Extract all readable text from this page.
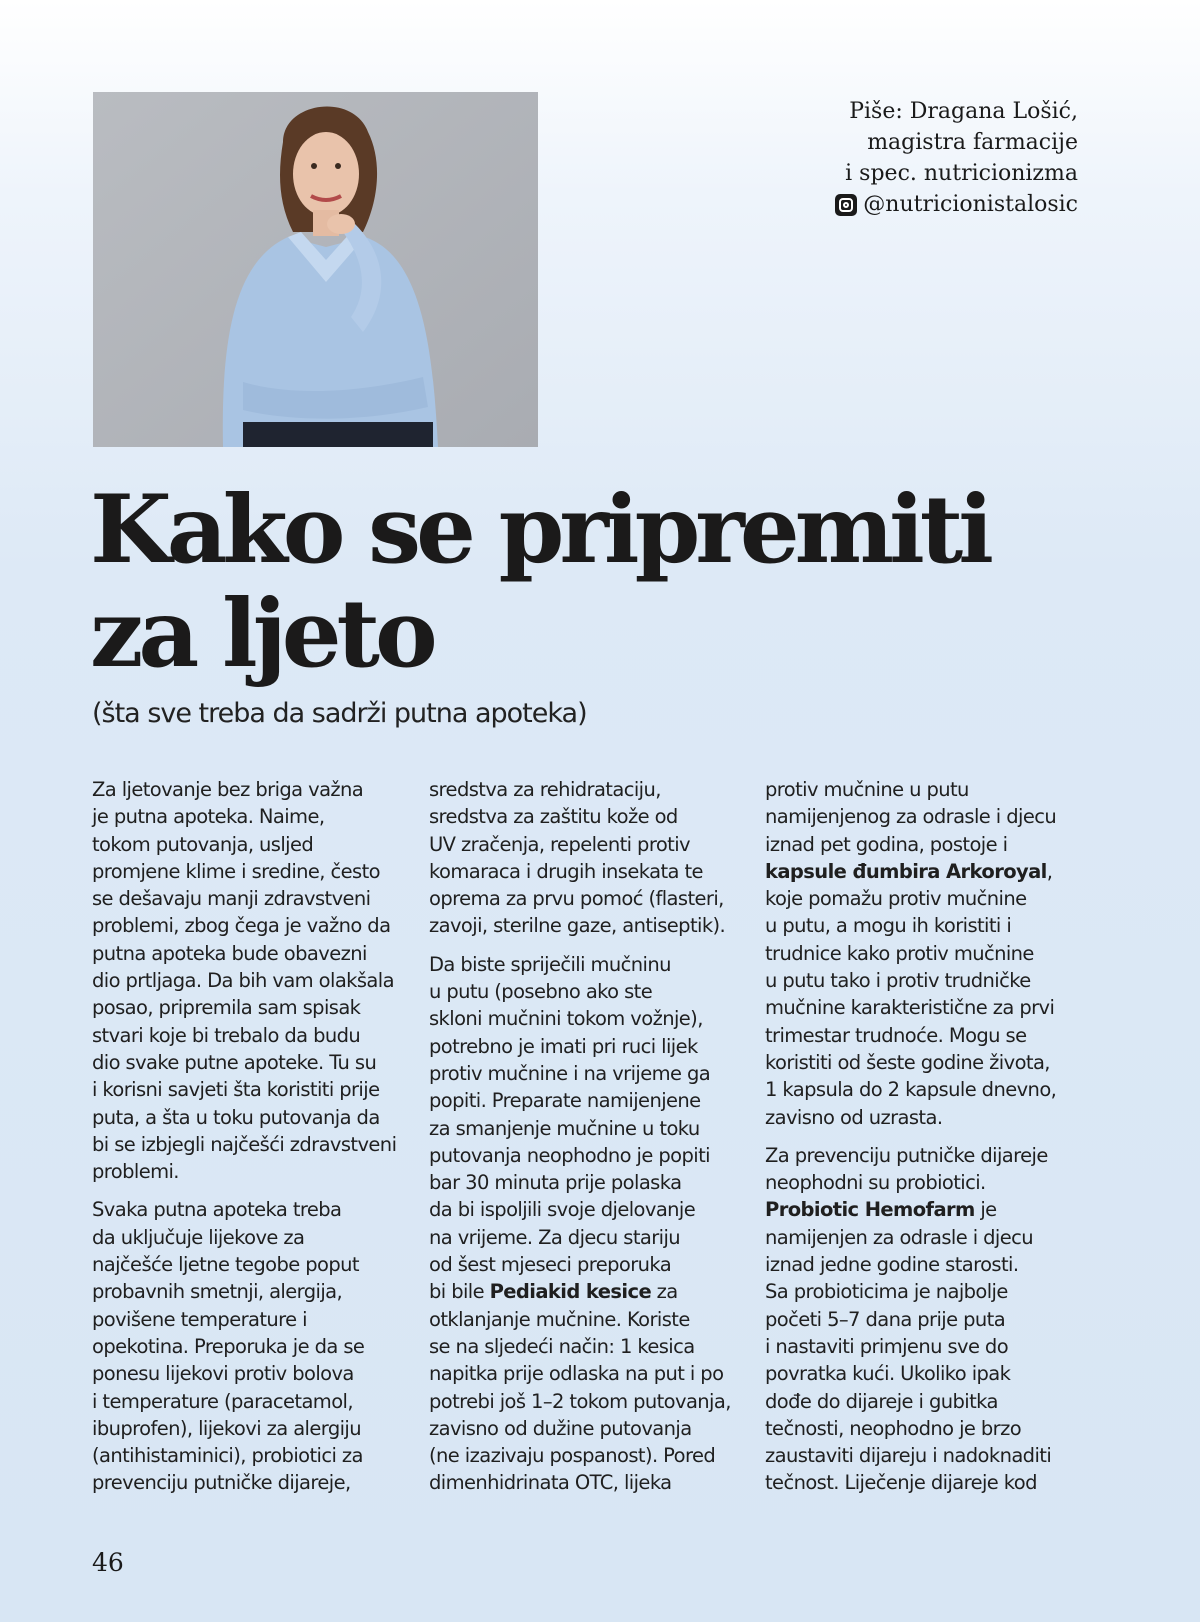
Piše: Dragana Lošić,
magistra farmacije
i spec. nutricionizma
@nutricionistalosic
Kako se pripremiti
za ljeto
(šta sve treba da sadrži putna apoteka)

Za ljetovanje bez briga važna
je putna apoteka. Naime,
tokom putovanja, usljed
promjene klime i sredine, često
se dešavaju manji zdravstveni
problemi, zbog čega je važno da
putna apoteka bude obavezni
dio prtljaga. Da bih vam olakšala
posao, pripremila sam spisak
stvari koje bi trebalo da budu
dio svake putne apoteke. Tu su
i korisni savjeti šta koristiti prije
puta, a šta u toku putovanja da
bi se izbjegli najčešći zdravstveni
problemi.

Svaka putna apoteka treba
da uključuje lijekove za
najčešće ljetne tegobe poput
probavnih smetnji, alergija,
povišene temperature i
opekotina. Preporuka je da se
ponesu lijekovi protiv bolova
i temperature (paracetamol,
ibuprofen), lijekovi za alergiju
(antihistaminici), probiotici za
prevenciju putničke dijareje,

sredstva za rehidrataciju,
sredstva za zaštitu kože od
UV zračenja, repelenti protiv
komaraca i drugih insekata te
oprema za prvu pomoć (flasteri,
zavoji, sterilne gaze, antiseptik).

Da biste spriječili mučninu
u putu (posebno ako ste
skloni mučnini tokom vožnje),
potrebno je imati pri ruci lijek
protiv mučnine i na vrijeme ga
popiti. Preparate namijenjene
za smanjenje mučnine u toku
putovanja neophodno je popiti
bar 30 minuta prije polaska
da bi ispoljili svoje djelovanje
na vrijeme. Za djecu stariju
od šest mjeseci preporuka
bi bile Pediakid kesice za
otklanjanje mučnine. Koriste
se na sljedeći način: 1 kesica
napitka prije odlaska na put i po
potrebi još 1–2 tokom putovanja,
zavisno od dužine putovanja
(ne izazivaju pospanost). Pored
dimenhidrinata OTC, lijeka

protiv mučnine u putu
namijenjenog za odrasle i djecu
iznad pet godina, postoje i
kapsule đumbira Arkoroyal,
koje pomažu protiv mučnine
u putu, a mogu ih koristiti i
trudnice kako protiv mučnine
u putu tako i protiv trudničke
mučnine karakteristične za prvi
trimestar trudnoće. Mogu se
koristiti od šeste godine života,
1 kapsula do 2 kapsule dnevno,
zavisno od uzrasta.

Za prevenciju putničke dijareje
neophodni su probiotici.
Probiotic Hemofarm je
namijenjen za odrasle i djecu
iznad jedne godine starosti.
Sa probioticima je najbolje
početi 5–7 dana prije puta
i nastaviti primjenu sve do
povratka kući. Ukoliko ipak
dođe do dijareje i gubitka
tečnosti, neophodno je brzo
zaustaviti dijareju i nadoknaditi
tečnost. Liječenje dijareje kod

46
